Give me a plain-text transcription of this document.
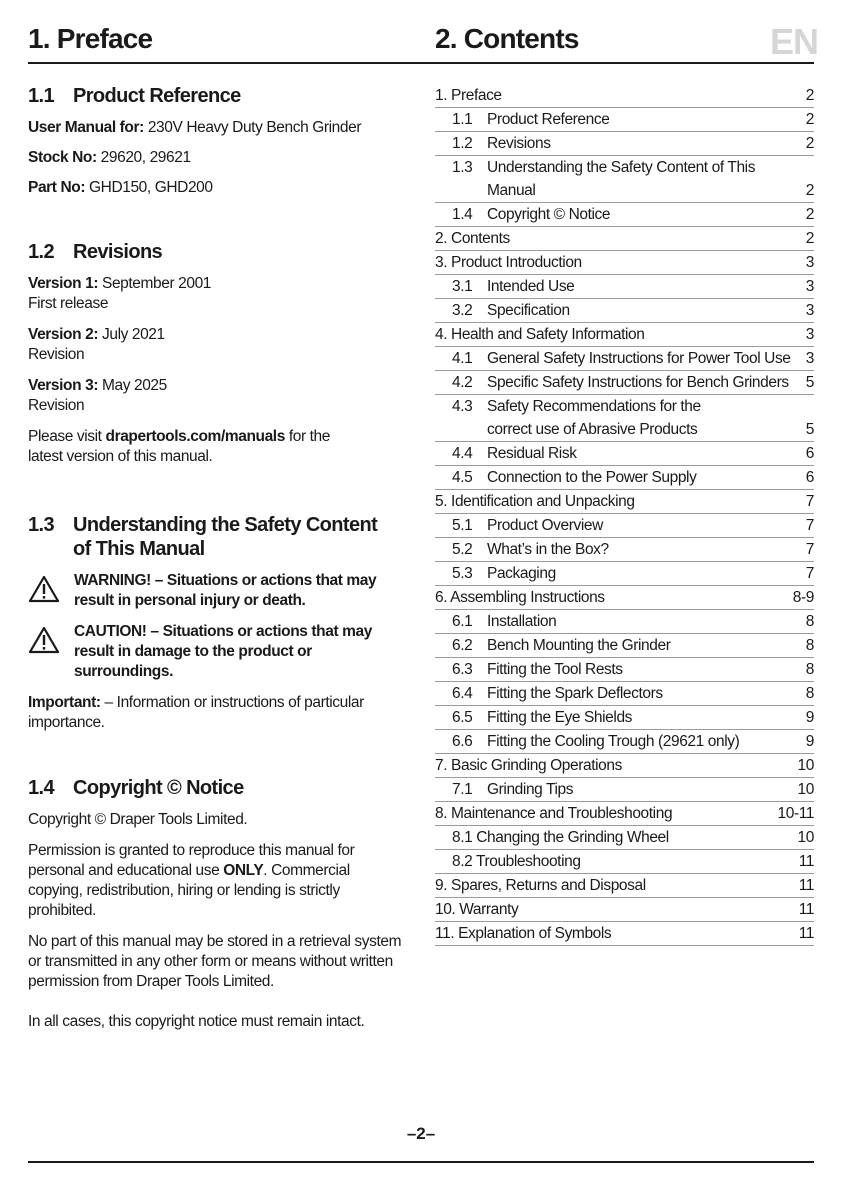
1. Preface	2. Contents	EN
1.1 Product Reference

User Manual for: 230V Heavy Duty Bench Grinder

Stock No: 29620, 29621

Part No: GHD150, GHD200

1.2 Revisions

Version 1: September 2001
First release

Version 2: July 2021
Revision

Version 3: May 2025
Revision

Please visit drapertools.com/manuals for the latest version of this manual.

1.3 Understanding the Safety Content
of This Manual
WARNING! – Situations or actions that may result in personal injury or death.
CAUTION! – Situations or actions that may result in damage to the product or surroundings.

Important: – Information or instructions of particular importance.

1.4 Copyright © Notice

Copyright © Draper Tools Limited.

Permission is granted to reproduce this manual for personal and educational use ONLY. Commercial copying, redistribution, hiring or lending is strictly prohibited.

No part of this manual may be stored in a retrieval system or transmitted in any other form or means without written permission from Draper Tools Limited.

In all cases, this copyright notice must remain intact.

1. Preface	2
1.1 Product Reference	2
1.2 Revisions	2
1.3 Understanding the Safety Content of This
Manual	2
1.4 Copyright © Notice	2
2. Contents	2
3. Product Introduction	3
3.1 Intended Use	3
3.2 Specification	3
4. Health and Safety Information	3
4.1 General Safety Instructions for Power Tool Use 3
4.2 Specific Safety Instructions for Bench Grinders	5
4.3 Safety Recommendations for the
correct use of Abrasive Products	5
4.4 Residual Risk	6
4.5 Connection to the Power Supply	6
5. Identification and Unpacking	7
5.1 Product Overview	7
5.2 What’s in the Box?	7
5.3 Packaging	7
6. Assembling Instructions	8-9
6.1 Installation	8
6.2 Bench Mounting the Grinder	8
6.3 Fitting the Tool Rests	8
6.4 Fitting the Spark Deflectors	8
6.5 Fitting the Eye Shields	9
6.6 Fitting the Cooling Trough (29621 only)	9
7. Basic Grinding Operations	10
7.1 Grinding Tips	10
8. Maintenance and Troubleshooting	10-11
8.1 Changing the Grinding Wheel	10
8.2 Troubleshooting	11
9. Spares, Returns and Disposal	11
10. Warranty	11
11. Explanation of Symbols	11
–2–
